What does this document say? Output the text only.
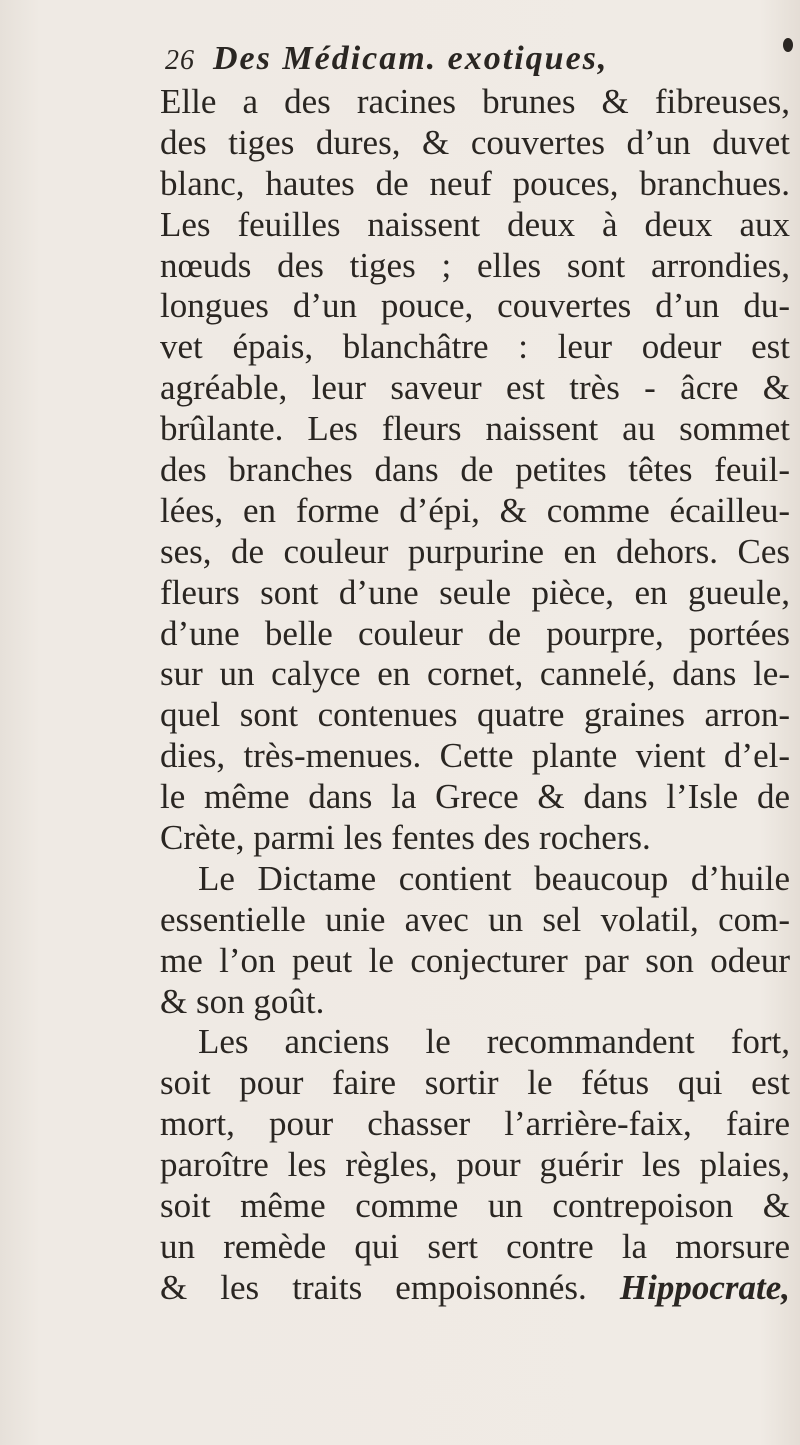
26 Des Médicam. exotiques,
Elle a des racines brunes & fibreuses,
des tiges dures, & couvertes d’un duvet
blanc, hautes de neuf pouces, branchues.
Les feuilles naissent deux à deux aux
nœuds des tiges ; elles sont arrondies,
longues d’un pouce, couvertes d’un du-
vet épais, blanchâtre : leur odeur est
agréable, leur saveur est très - âcre &
brûlante. Les fleurs naissent au sommet
des branches dans de petites têtes feuil-
lées, en forme d’épi, & comme écailleu-
ses, de couleur purpurine en dehors. Ces
fleurs sont d’une seule pièce, en gueule,
d’une belle couleur de pourpre, portées
sur un calyce en cornet, cannelé, dans le-
quel sont contenues quatre graines arron-
dies, très-menues. Cette plante vient d’el-
le même dans la Grece & dans l’Isle de
Crète, parmi les fentes des rochers.
Le Dictame contient beaucoup d’huile
essentielle unie avec un sel volatil, com-
me l’on peut le conjecturer par son odeur
& son goût.
Les anciens le recommandent fort,
soit pour faire sortir le fétus qui est
mort, pour chasser l’arrière-faix, faire
paroître les règles, pour guérir les plaies,
soit même comme un contrepoison &
un remède qui sert contre la morsure
& les traits empoisonnés. Hippocrate,
